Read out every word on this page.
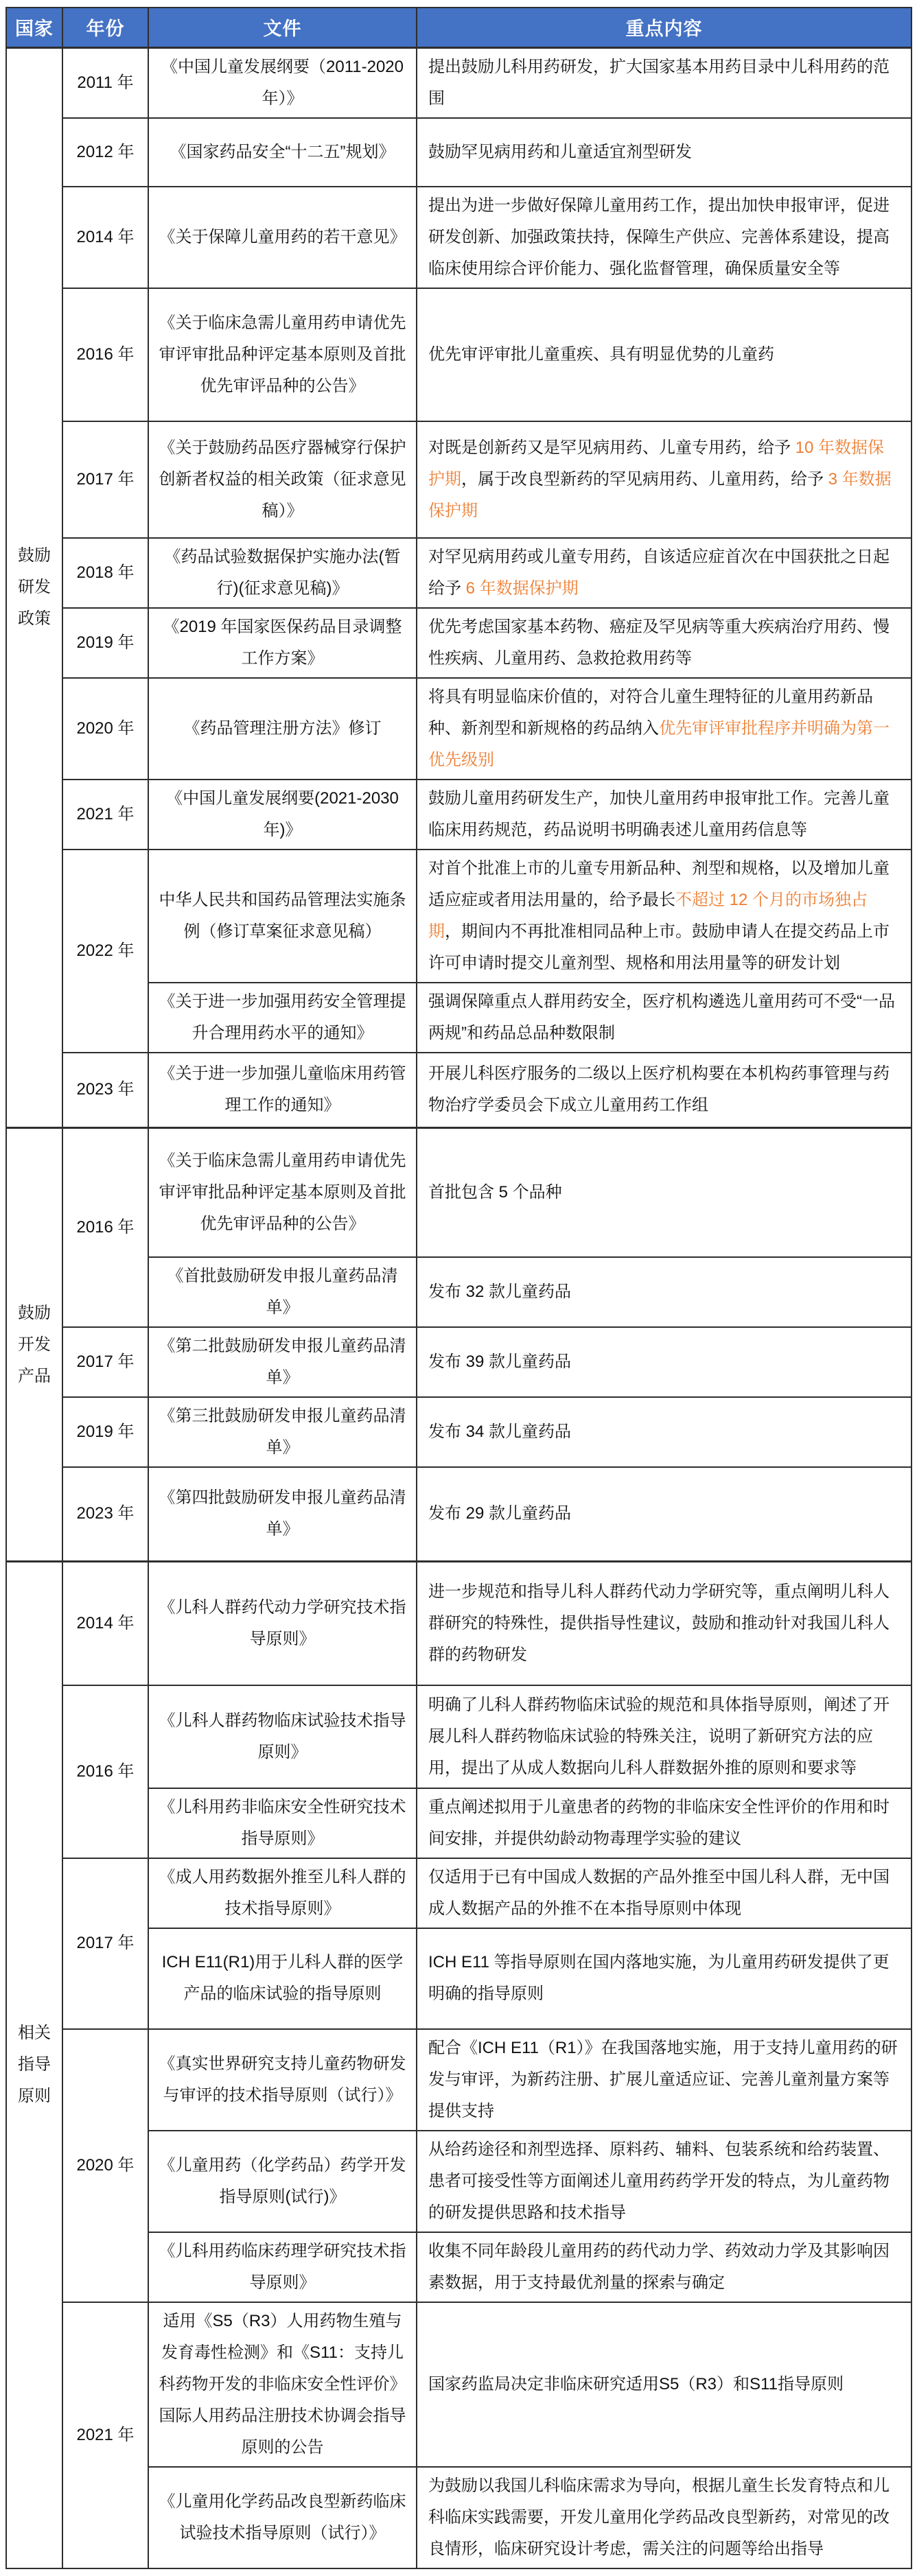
国家	年份	文件	重点内容

鼓励
研发
政策	2011 年	《中国儿童发展纲要（2011-2020 年）》	提出鼓励儿科用药研发，扩大国家基本用药目录中儿科用药的范围
	2012 年	《国家药品安全“十二五”规划》	鼓励罕见病用药和儿童适宜剂型研发
	2014 年	《关于保障儿童用药的若干意见》	提出为进一步做好保障儿童用药工作，提出加快申报审评，促进研发创新、加强政策扶持，保障生产供应、完善体系建设，提高临床使用综合评价能力、强化监督管理，确保质量安全等
	2016 年	《关于临床急需儿童用药申请优先审评审批品种评定基本原则及首批优先审评品种的公告》	优先审评审批儿童重疾、具有明显优势的儿童药
	2017 年	《关于鼓励药品医疗器械穿行保护创新者权益的相关政策（征求意见稿）》	对既是创新药又是罕见病用药、儿童专用药，给予 10 年数据保护期，属于改良型新药的罕见病用药、儿童用药，给予 3 年数据保护期
	2018 年	《药品试验数据保护实施办法(暂行)(征求意见稿)》	对罕见病用药或儿童专用药，自该适应症首次在中国获批之日起给予 6 年数据保护期
	2019 年	《2019 年国家医保药品目录调整工作方案》	优先考虑国家基本药物、癌症及罕见病等重大疾病治疗用药、慢性疾病、儿童用药、急救抢救用药等
	2020 年	《药品管理注册方法》修订	将具有明显临床价值的，对符合儿童生理特征的儿童用药新品种、新剂型和新规格的药品纳入优先审评审批程序并明确为第一优先级别
	2021 年	《中国儿童发展纲要(2021-2030 年)》	鼓励儿童用药研发生产，加快儿童用药申报审批工作。完善儿童临床用药规范，药品说明书明确表述儿童用药信息等
	2022 年	中华人民共和国药品管理法实施条例（修订草案征求意见稿）	对首个批准上市的儿童专用新品种、剂型和规格，以及增加儿童适应症或者用法用量的，给予最长不超过 12 个月的市场独占期，期间内不再批准相同品种上市。鼓励申请人在提交药品上市许可申请时提交儿童剂型、规格和用法用量等的研发计划
		《关于进一步加强用药安全管理提升合理用药水平的通知》	强调保障重点人群用药安全，医疗机构遴选儿童用药可不受“一品两规”和药品总品种数限制
	2023 年	《关于进一步加强儿童临床用药管理工作的通知》	开展儿科医疗服务的二级以上医疗机构要在本机构药事管理与药物治疗学委员会下成立儿童用药工作组

鼓励
开发
产品	2016 年	《关于临床急需儿童用药申请优先审评审批品种评定基本原则及首批优先审评品种的公告》	首批包含 5 个品种
		《首批鼓励研发申报儿童药品清单》	发布 32 款儿童药品
	2017 年	《第二批鼓励研发申报儿童药品清单》	发布 39 款儿童药品
	2019 年	《第三批鼓励研发申报儿童药品清单》	发布 34 款儿童药品
	2023 年	《第四批鼓励研发申报儿童药品清单》	发布 29 款儿童药品

相关
指导
原则	2014 年	《儿科人群药代动力学研究技术指导原则》	进一步规范和指导儿科人群药代动力学研究等，重点阐明儿科人群研究的特殊性，提供指导性建议，鼓励和推动针对我国儿科人群的药物研发
	2016 年	《儿科人群药物临床试验技术指导原则》	明确了儿科人群药物临床试验的规范和具体指导原则，阐述了开展儿科人群药物临床试验的特殊关注，说明了新研究方法的应用，提出了从成人数据向儿科人群数据外推的原则和要求等
		《儿科用药非临床安全性研究技术指导原则》	重点阐述拟用于儿童患者的药物的非临床安全性评价的作用和时间安排，并提供幼龄动物毒理学实验的建议
	2017 年	《成人用药数据外推至儿科人群的技术指导原则》	仅适用于已有中国成人数据的产品外推至中国儿科人群，无中国成人数据产品的外推不在本指导原则中体现
		ICH E11(R1)用于儿科人群的医学产品的临床试验的指导原则	ICH E11 等指导原则在国内落地实施，为儿童用药研发提供了更明确的指导原则
	2020 年	《真实世界研究支持儿童药物研发与审评的技术指导原则（试行）》	配合《ICH E11（R1）》在我国落地实施，用于支持儿童用药的研发与审评，为新药注册、扩展儿童适应证、完善儿童剂量方案等提供支持
		《儿童用药（化学药品）药学开发指导原则(试行)》	从给药途径和剂型选择、原料药、辅料、包装系统和给药装置、患者可接受性等方面阐述儿童用药药学开发的特点，为儿童药物的研发提供思路和技术指导
		《儿科用药临床药理学研究技术指导原则》	收集不同年龄段儿童用药的药代动力学、药效动力学及其影响因素数据，用于支持最优剂量的探索与确定
	2021 年	适用《S5（R3）人用药物生殖与发育毒性检测》和《S11：支持儿科药物开发的非临床安全性评价》国际人用药品注册技术协调会指导原则的公告	国家药监局决定非临床研究适用S5（R3）和S11指导原则
		《儿童用化学药品改良型新药临床试验技术指导原则（试行）》	为鼓励以我国儿科临床需求为导向，根据儿童生长发育特点和儿科临床实践需要，开发儿童用化学药品改良型新药，对常见的改良情形，临床研究设计考虑，需关注的问题等给出指导
